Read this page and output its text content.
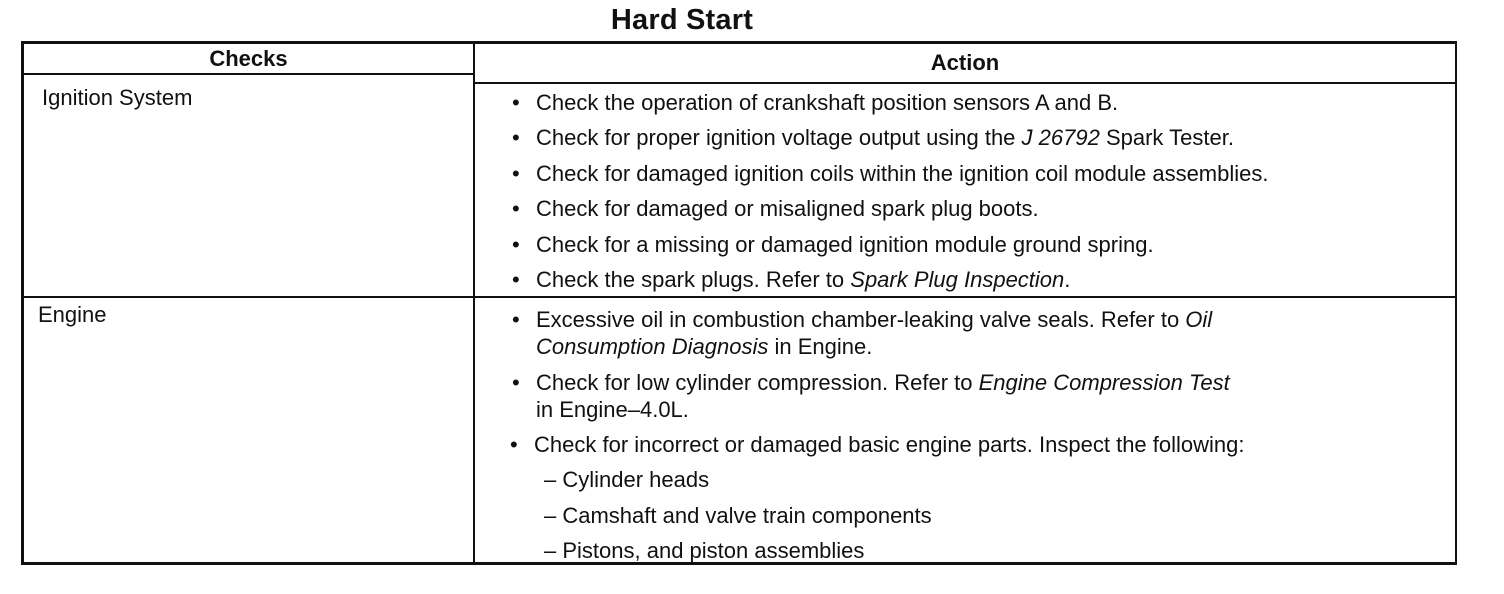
Hard Start
Checks	Action
Ignition System	• Check the operation of crankshaft position sensors A and B.
• Check for proper ignition voltage output using the J 26792 Spark Tester.
• Check for damaged ignition coils within the ignition coil module assemblies.
• Check for damaged or misaligned spark plug boots.
• Check for a missing or damaged ignition module ground spring.
• Check the spark plugs. Refer to Spark Plug Inspection.
Engine	• Excessive oil in combustion chamber-leaking valve seals. Refer to Oil
Consumption Diagnosis in Engine.
• Check for low cylinder compression. Refer to Engine Compression Test
in Engine–4.0L.
• Check for incorrect or damaged basic engine parts. Inspect the following:
– Cylinder heads
– Camshaft and valve train components
– Pistons, and piston assemblies
